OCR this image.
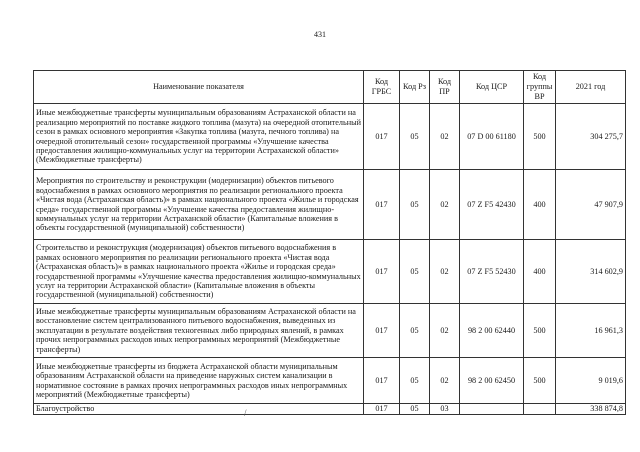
431
Наименование показателя	Код ГРБС	Код Рз	Код ПР	Код ЦСР	Код группы ВР	2021 год
Иные межбюджетные трансферты муниципальным образованиям Астраханской области на реализацию мероприятий по поставке жидкого топлива (мазута) на очередной отопительный сезон в рамках основного мероприятия «Закупка топлива (мазута, печного топлива) на очередной отопительный сезон» государственной программы «Улучшение качества предоставления жилищно-коммунальных услуг на территории Астраханской области» (Межбюджетные трансферты)	017	05	02	07 D 00 61180	500	304 275,7
Мероприятия по строительству и реконструкции (модернизации) объектов питьевого водоснабжения в рамках основного мероприятия по реализации регионального проекта «Чистая вода (Астраханская область)» в рамках национального проекта «Жилье и городская среда» государственной программы «Улучшение качества предоставления жилищно-коммунальных услуг на территории Астраханской области» (Капитальные вложения в объекты государственной (муниципальной) собственности)	017	05	02	07 Z F5 42430	400	47 907,9
Строительство и реконструкция (модернизация) объектов питьевого водоснабжения в рамках основного мероприятия по реализации регионального проекта «Чистая вода (Астраханская область)» в рамках национального проекта «Жилье и городская среда» государственной программы «Улучшение качества предоставления жилищно-коммунальных услуг на территории Астраханской области» (Капитальные вложения в объекты государственной (муниципальной) собственности)	017	05	02	07 Z F5 52430	400	314 602,9
Иные межбюджетные трансферты муниципальным образованиям Астраханской области на восстановление систем централизованного питьевого водоснабжения, выведенных из эксплуатации в результате воздействия техногенных либо природных явлений, в рамках прочих непрограммных расходов иных непрограммных мероприятий (Межбюджетные трансферты)	017	05	02	98 2 00 62440	500	16 961,3
Иные межбюджетные трансферты из бюджета Астраханской области муниципальным образованиям Астраханской области на приведение наружных систем канализации в нормативное состояние в рамках прочих непрограммных расходов иных непрограммных мероприятий (Межбюджетные трансферты)	017	05	02	98 2 00 62450	500	9 019,6
Благоустройство	017	05	03			338 874,8
/
